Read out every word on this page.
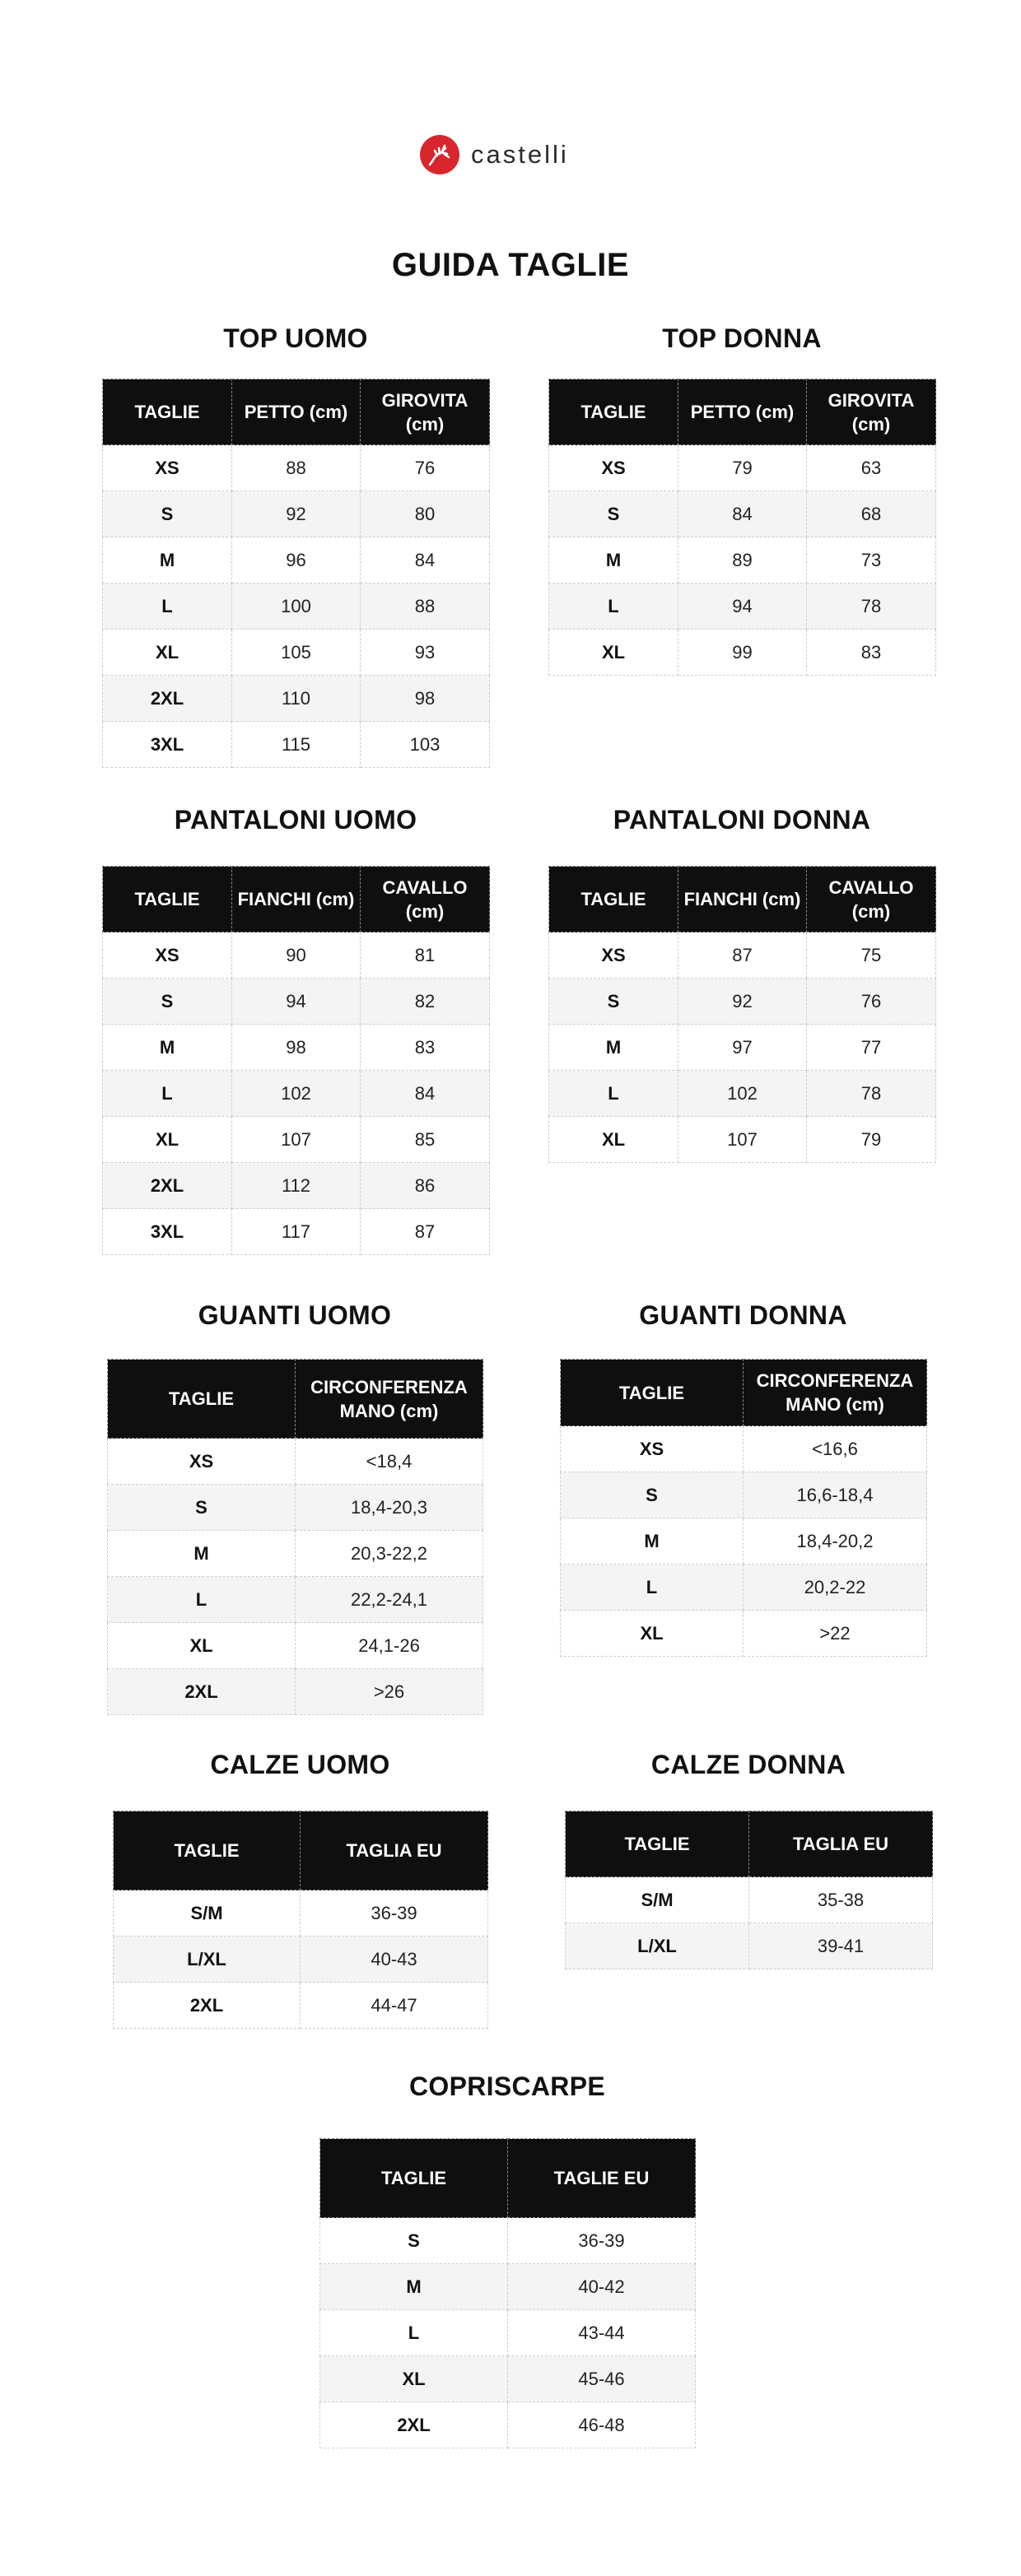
castelli
GUIDA TAGLIE
TOP UOMO
TAGLIE	PETTO (cm)	GIROVITA (cm)
XS	88	76
S	92	80
M	96	84
L	100	88
XL	105	93
2XL	110	98
3XL	115	103
TOP DONNA
TAGLIE	PETTO (cm)	GIROVITA (cm)
XS	79	63
S	84	68
M	89	73
L	94	78
XL	99	83
PANTALONI UOMO
TAGLIE	FIANCHI (cm)	CAVALLO (cm)
XS	90	81
S	94	82
M	98	83
L	102	84
XL	107	85
2XL	112	86
3XL	117	87
PANTALONI DONNA
TAGLIE	FIANCHI (cm)	CAVALLO (cm)
XS	87	75
S	92	76
M	97	77
L	102	78
XL	107	79
GUANTI UOMO
TAGLIE	CIRCONFERENZA MANO (cm)
XS	<18,4
S	18,4-20,3
M	20,3-22,2
L	22,2-24,1
XL	24,1-26
2XL	>26
GUANTI DONNA
TAGLIE	CIRCONFERENZA MANO (cm)
XS	<16,6
S	16,6-18,4
M	18,4-20,2
L	20,2-22
XL	>22
CALZE UOMO
TAGLIE	TAGLIA EU
S/M	36-39
L/XL	40-43
2XL	44-47
CALZE DONNA
TAGLIE	TAGLIA EU
S/M	35-38
L/XL	39-41
COPRISCARPE
TAGLIE	TAGLIE EU
S	36-39
M	40-42
L	43-44
XL	45-46
2XL	46-48
